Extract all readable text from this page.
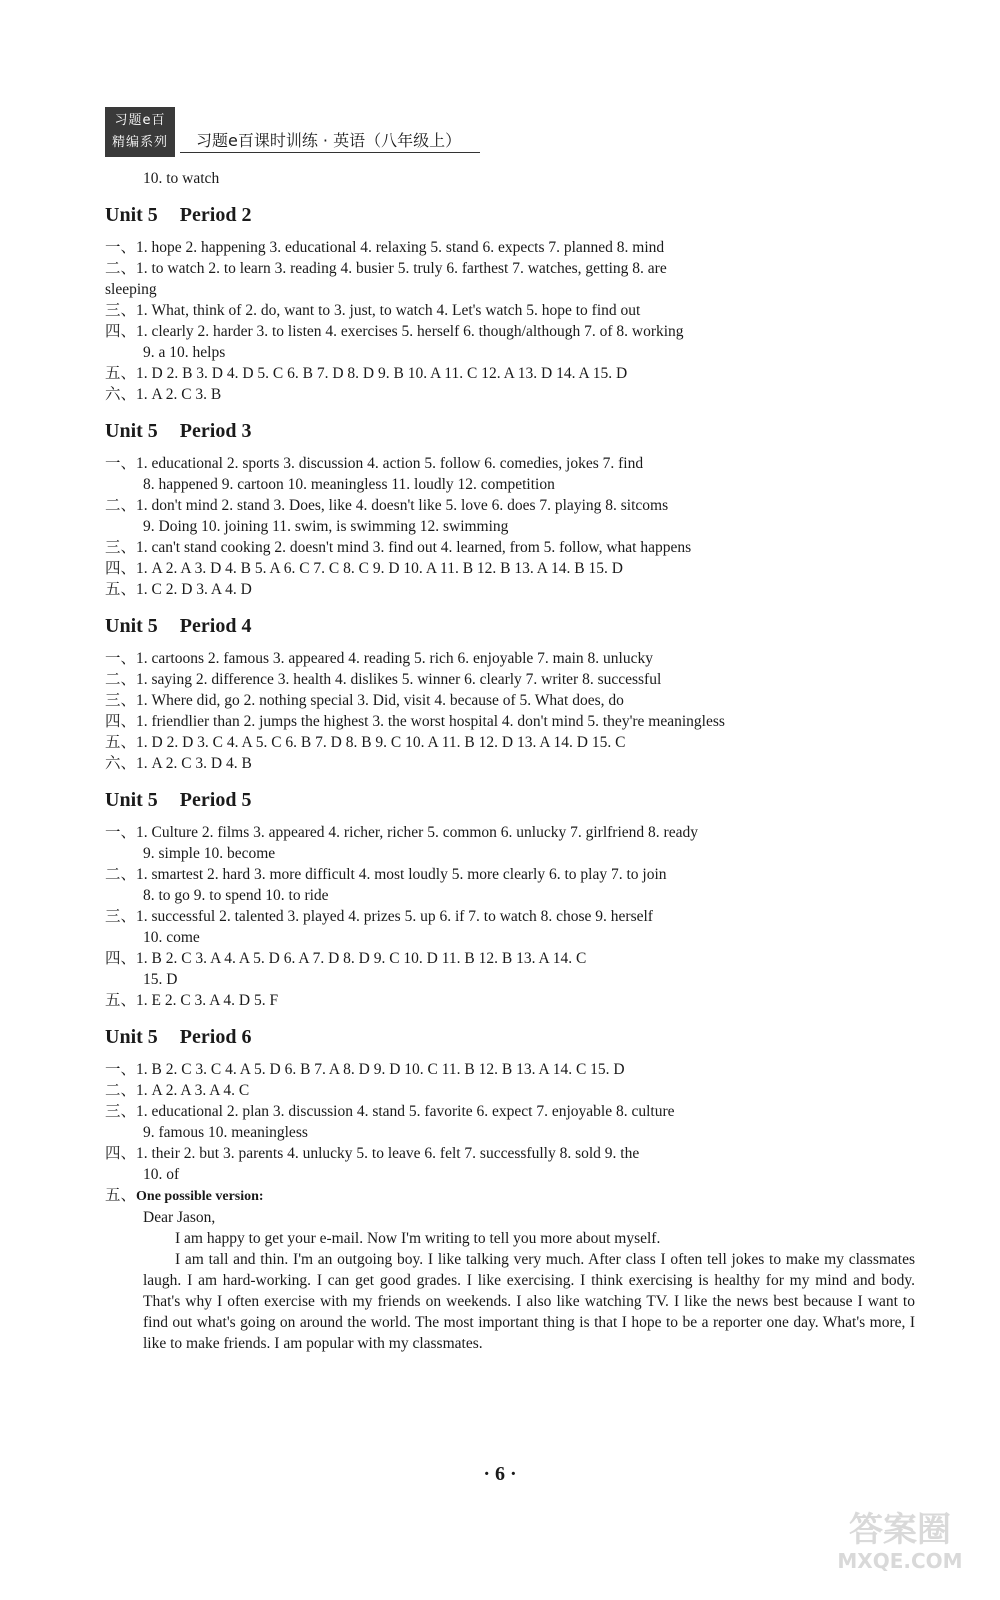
习题e百
精编系列	习题e百课时训练 · 英语（八年级上）
10. to watch
Unit 5 Period 2
一、1. hope 2. happening 3. educational 4. relaxing 5. stand 6. expects 7. planned 8. mind
二、1. to watch 2. to learn 3. reading 4. busier 5. truly 6. farthest 7. watches, getting 8. are
sleeping
三、1. What, think of 2. do, want to 3. just, to watch 4. Let's watch 5. hope to find out
四、1. clearly 2. harder 3. to listen 4. exercises 5. herself 6. though/although 7. of 8. working
9. a 10. helps
五、1. D 2. B 3. D 4. D 5. C 6. B 7. D 8. D 9. B 10. A 11. C 12. A 13. D 14. A 15. D
六、1. A 2. C 3. B
Unit 5 Period 3
一、1. educational 2. sports 3. discussion 4. action 5. follow 6. comedies, jokes 7. find
8. happened 9. cartoon 10. meaningless 11. loudly 12. competition
二、1. don't mind 2. stand 3. Does, like 4. doesn't like 5. love 6. does 7. playing 8. sitcoms
9. Doing 10. joining 11. swim, is swimming 12. swimming
三、1. can't stand cooking 2. doesn't mind 3. find out 4. learned, from 5. follow, what happens
四、1. A 2. A 3. D 4. B 5. A 6. C 7. C 8. C 9. D 10. A 11. B 12. B 13. A 14. B 15. D
五、1. C 2. D 3. A 4. D
Unit 5 Period 4
一、1. cartoons 2. famous 3. appeared 4. reading 5. rich 6. enjoyable 7. main 8. unlucky
二、1. saying 2. difference 3. health 4. dislikes 5. winner 6. clearly 7. writer 8. successful
三、1. Where did, go 2. nothing special 3. Did, visit 4. because of 5. What does, do
四、1. friendlier than 2. jumps the highest 3. the worst hospital 4. don't mind 5. they're meaningless
五、1. D 2. D 3. C 4. A 5. C 6. B 7. D 8. B 9. C 10. A 11. B 12. D 13. A 14. D 15. C
六、1. A 2. C 3. D 4. B
Unit 5 Period 5
一、1. Culture 2. films 3. appeared 4. richer, richer 5. common 6. unlucky 7. girlfriend 8. ready
9. simple 10. become
二、1. smartest 2. hard 3. more difficult 4. most loudly 5. more clearly 6. to play 7. to join
8. to go 9. to spend 10. to ride
三、1. successful 2. talented 3. played 4. prizes 5. up 6. if 7. to watch 8. chose 9. herself
10. come
四、1. B 2. C 3. A 4. A 5. D 6. A 7. D 8. D 9. C 10. D 11. B 12. B 13. A 14. C
15. D
五、1. E 2. C 3. A 4. D 5. F
Unit 5 Period 6
一、1. B 2. C 3. C 4. A 5. D 6. B 7. A 8. D 9. D 10. C 11. B 12. B 13. A 14. C 15. D
二、1. A 2. A 3. A 4. C
三、1. educational 2. plan 3. discussion 4. stand 5. favorite 6. expect 7. enjoyable 8. culture
9. famous 10. meaningless
四、1. their 2. but 3. parents 4. unlucky 5. to leave 6. felt 7. successfully 8. sold 9. the
10. of
五、One possible version:
Dear Jason,
I am happy to get your e-mail. Now I'm writing to tell you more about myself.
I am tall and thin. I'm an outgoing boy. I like talking very much. After class I often tell jokes to make my classmates laugh. I am hard-working. I can get good grades. I like exercising. I think exercising is healthy for my mind and body. That's why I often exercise with my friends on weekends. I also like watching TV. I like the news best because I want to find out what's going on around the world. The most important thing is that I hope to be a reporter one day. What's more, I like to make friends. I am popular with my classmates.
· 6 ·
答案圈
MXQE.COM
